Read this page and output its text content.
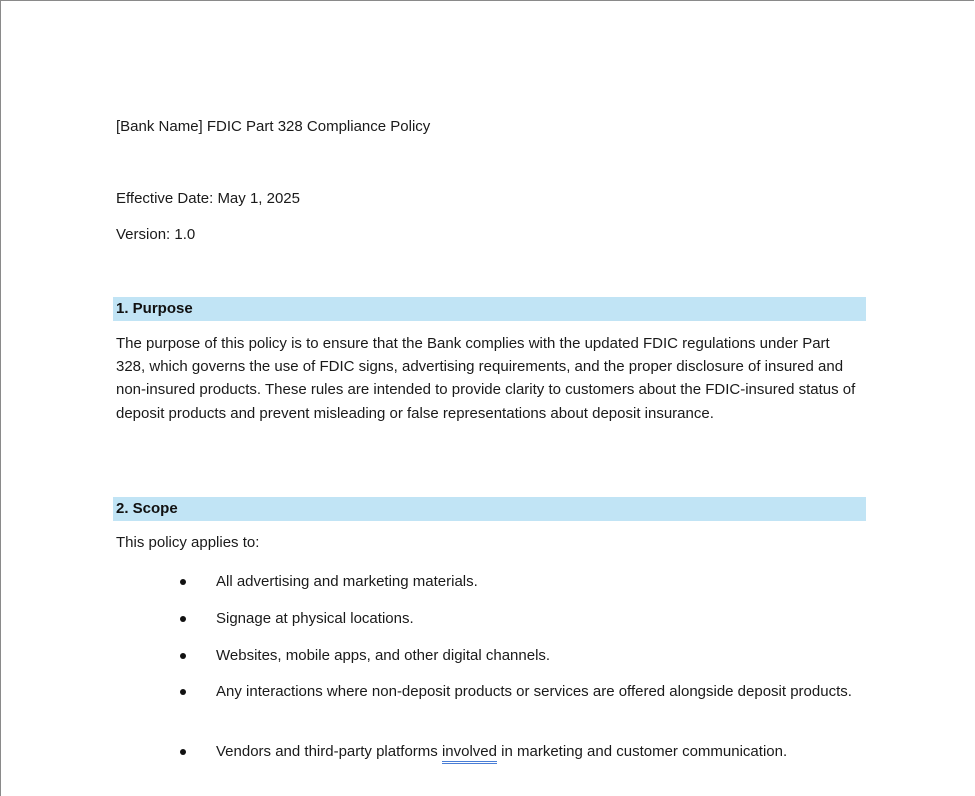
[Bank Name] FDIC Part 328 Compliance Policy
Effective Date: May 1, 2025
Version: 1.0
1. Purpose
The purpose of this policy is to ensure that the Bank complies with the updated FDIC regulations under Part 328, which governs the use of FDIC signs, advertising requirements, and the proper disclosure of insured and non-insured products. These rules are intended to provide clarity to customers about the FDIC-insured status of deposit products and prevent misleading or false representations about deposit insurance.
2. Scope
This policy applies to:
All advertising and marketing materials.
Signage at physical locations.
Websites, mobile apps, and other digital channels.
Any interactions where non-deposit products or services are offered alongside deposit products.
Vendors and third-party platforms involved in marketing and customer communication.
